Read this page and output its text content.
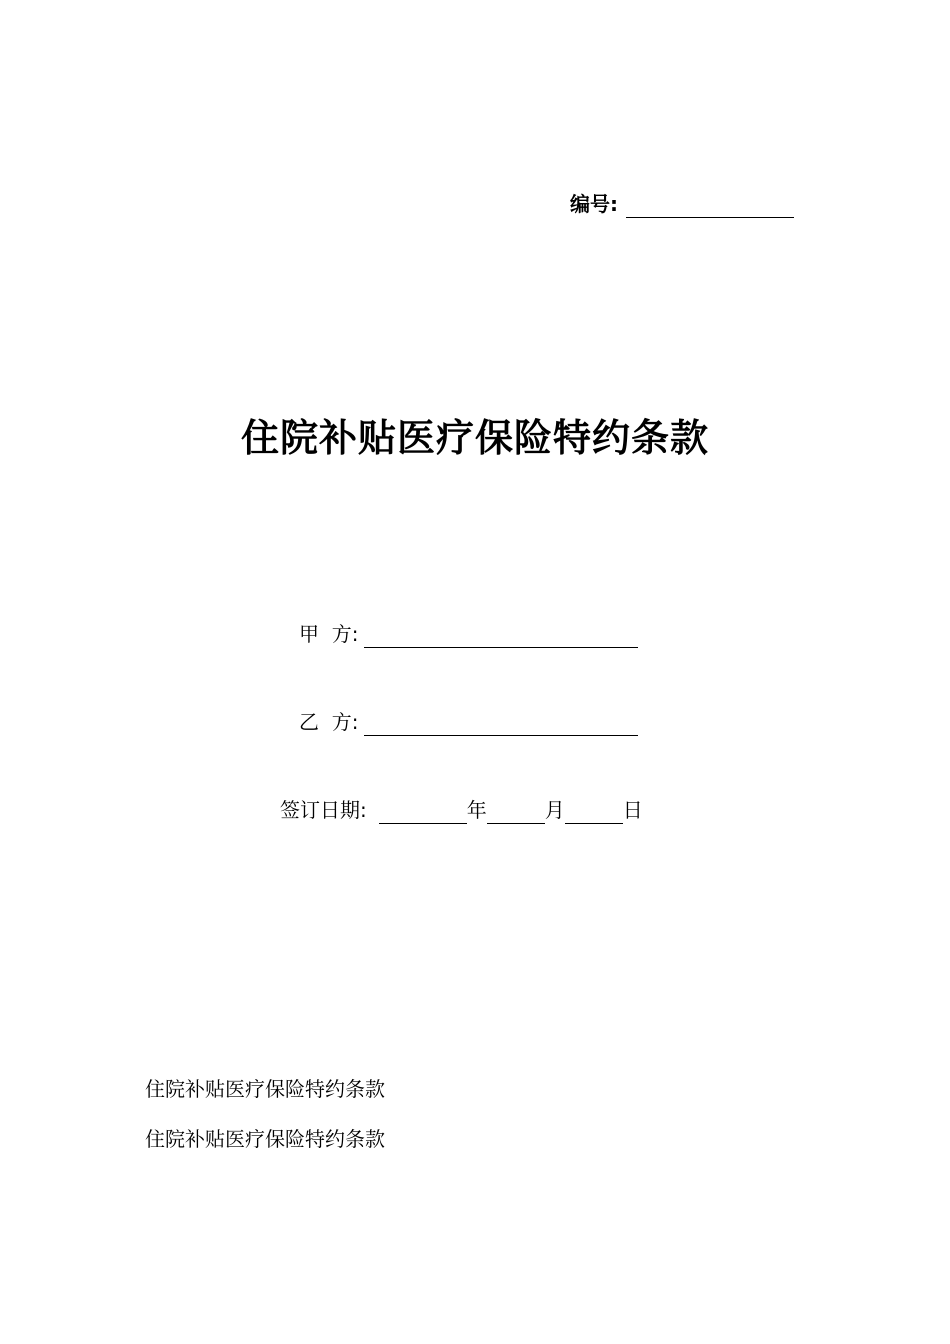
编号:
住院补贴医疗保险特约条款
甲  方:
乙  方:
签订日期:	年	月	日
住院补贴医疗保险特约条款
住院补贴医疗保险特约条款
